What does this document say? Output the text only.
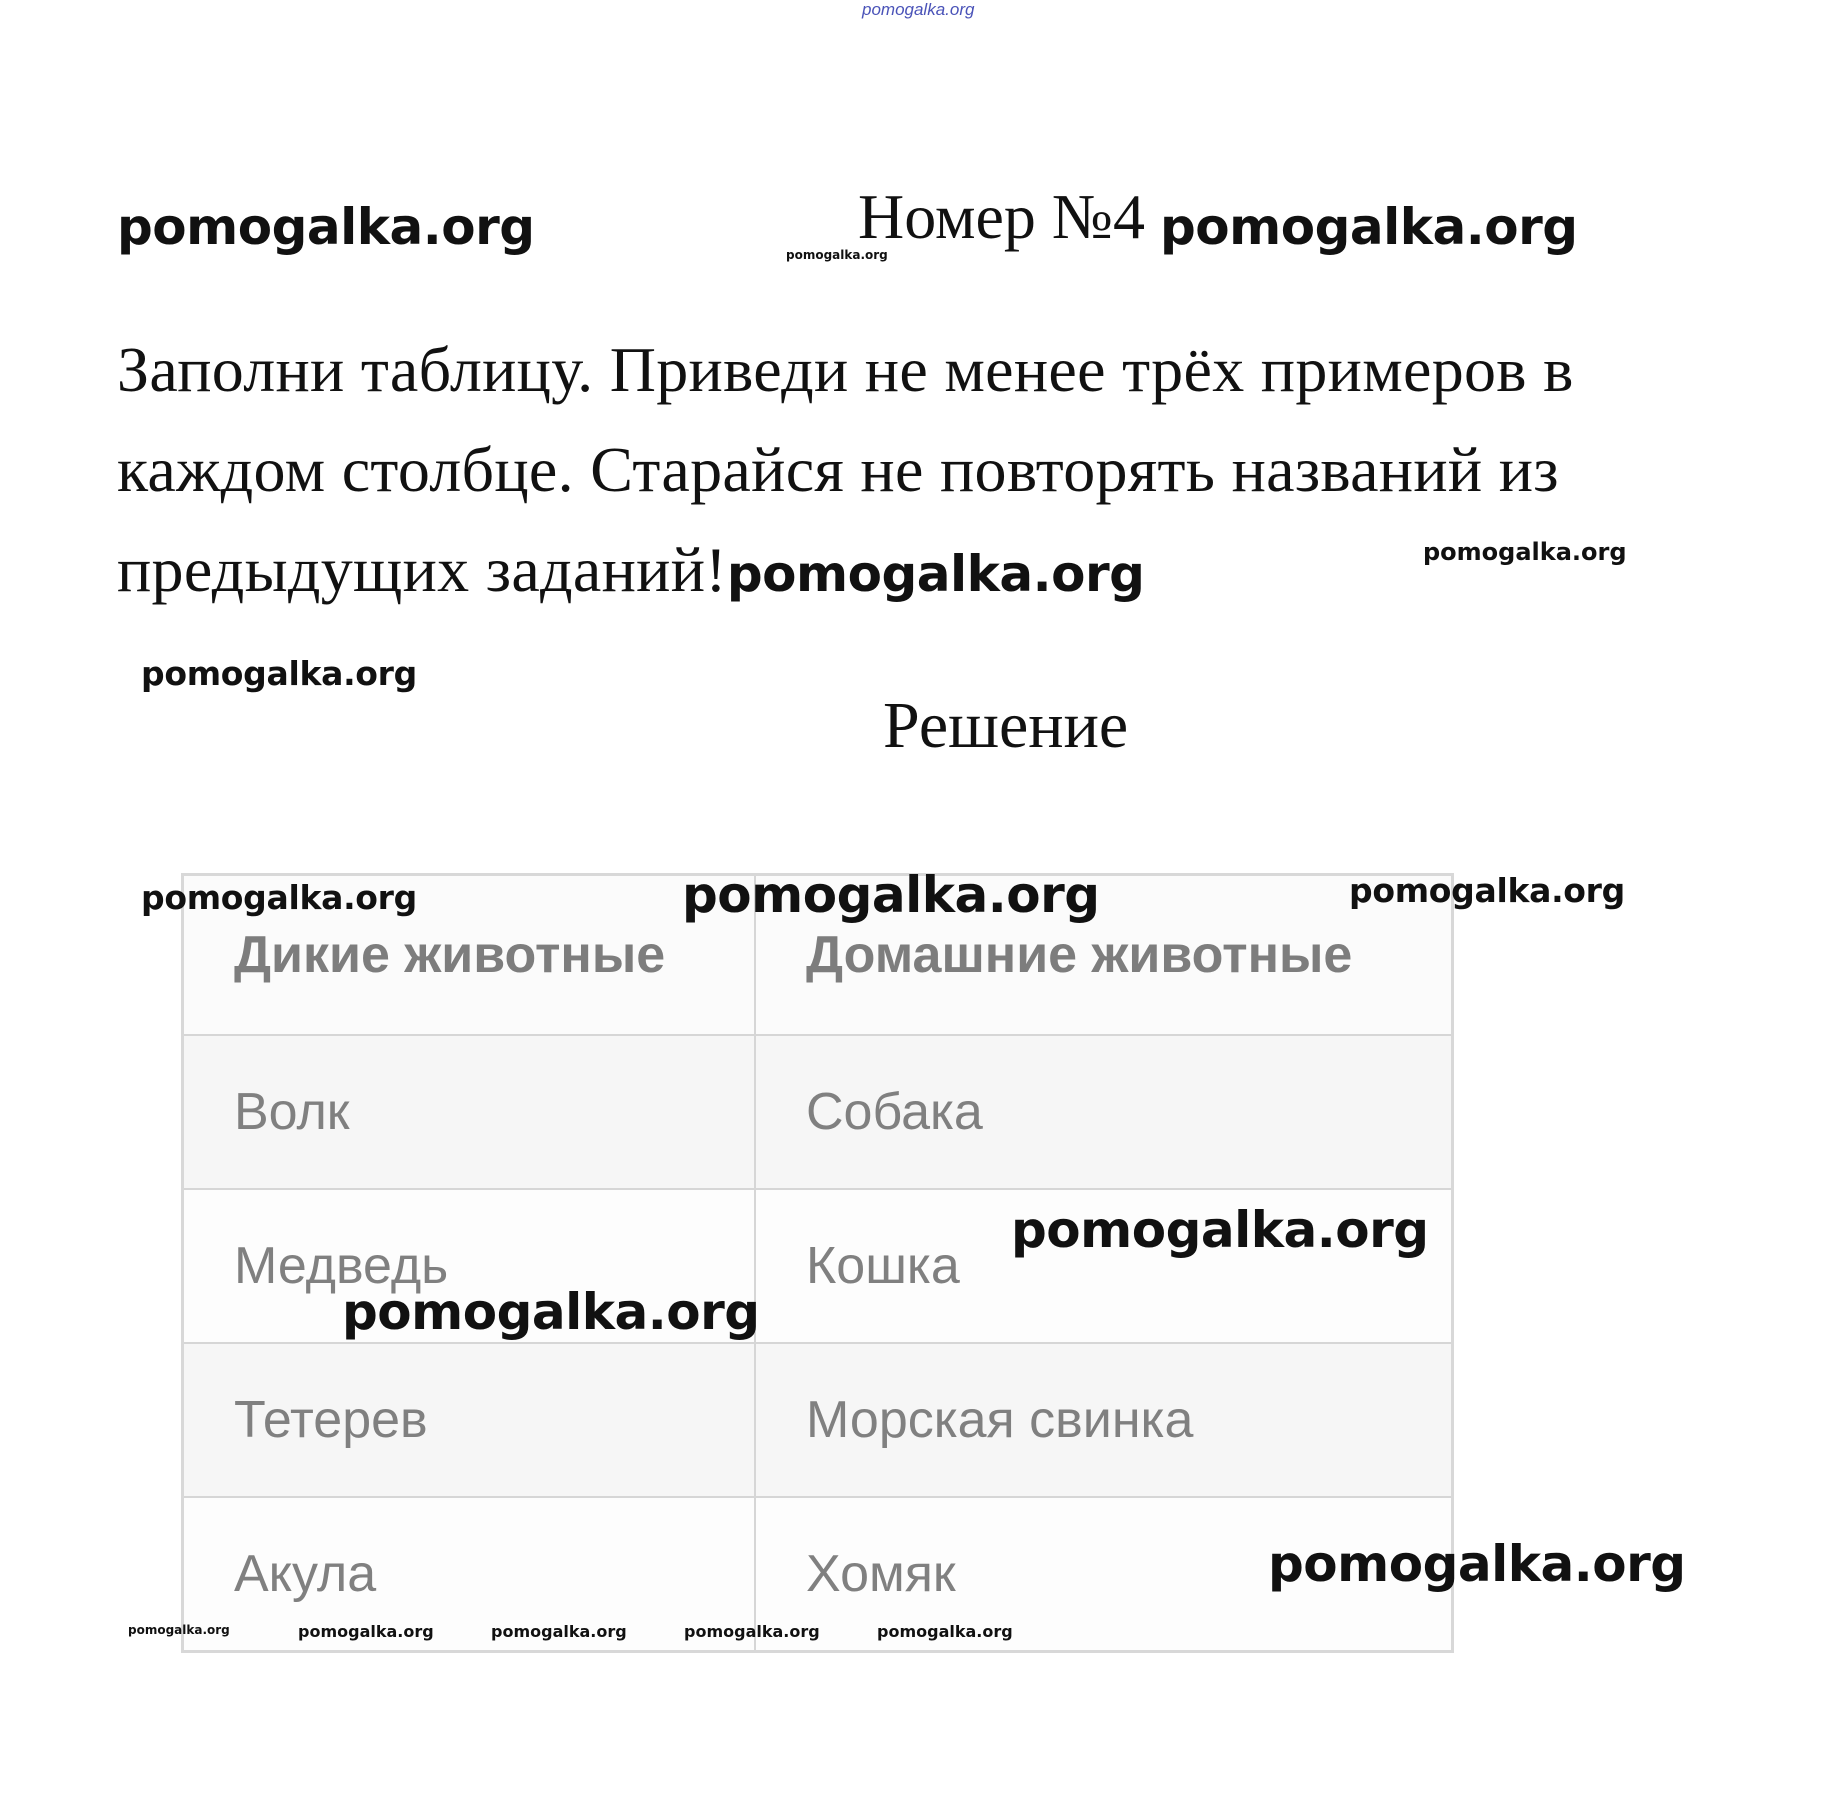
pomogalka.org
pomogalka.org	Номер №4 pomogalka.org
pomogalka.org
Заполни таблицу. Приведи не менее трёх примеров в
каждом столбце. Старайся не повторять названий из
предыдущих заданий!pomogalka.org	pomogalka.org
pomogalka.org
Решение
Дикие животные	Домашние животные
Волк	Собака
Медведь	Кошка
Тетерев	Морская свинка
Акула	Хомяк
pomogalka.org	pomogalka.org	pomogalka.org
pomogalka.org
pomogalka.org
pomogalka.org
pomogalka.org	pomogalka.org	pomogalka.org	pomogalka.org	pomogalka.org
